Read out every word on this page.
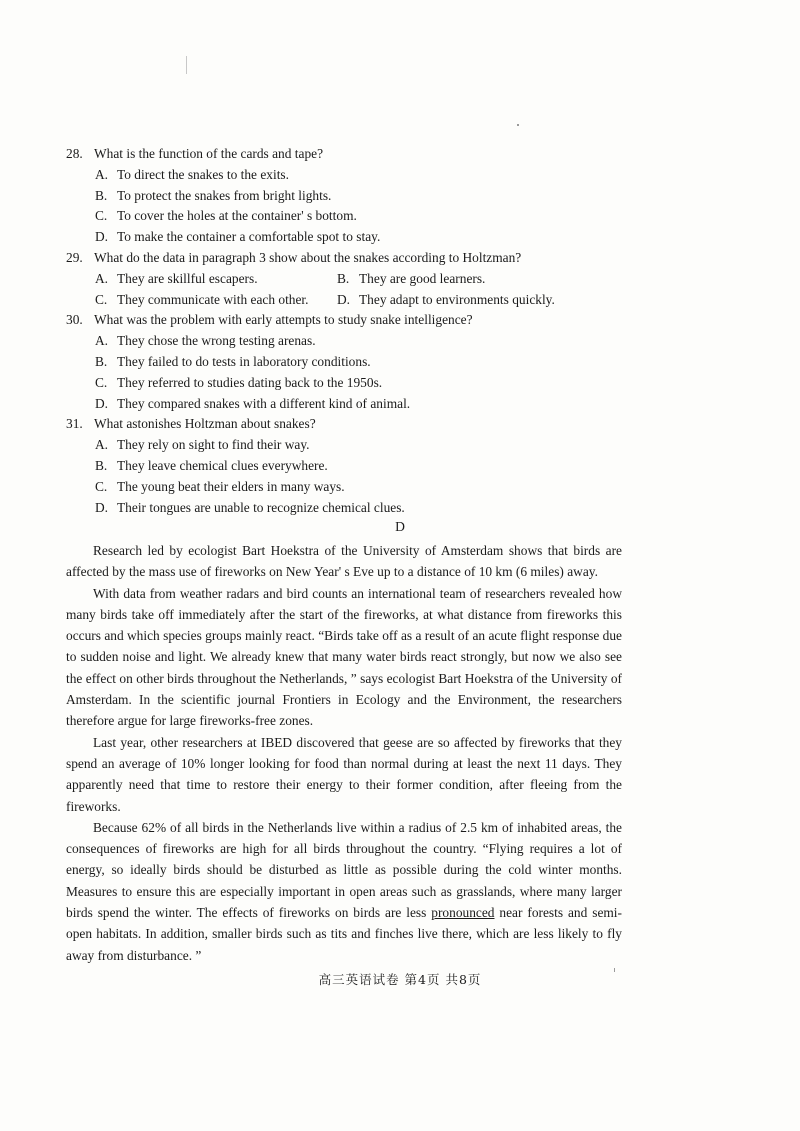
28. What is the function of the cards and tape?
A. To direct the snakes to the exits.
B. To protect the snakes from bright lights.
C. To cover the holes at the container' s bottom.
D. To make the container a comfortable spot to stay.
29. What do the data in paragraph 3 show about the snakes according to Holtzman?
A. They are skillful escapers.	B. They are good learners.
C. They communicate with each other. D. They adapt to environments quickly.
30. What was the problem with early attempts to study snake intelligence?
A. They chose the wrong testing arenas.
B. They failed to do tests in laboratory conditions.
C. They referred to studies dating back to the 1950s.
D. They compared snakes with a different kind of animal.
31. What astonishes Holtzman about snakes?
A. They rely on sight to find their way.
B. They leave chemical clues everywhere.
C. The young beat their elders in many ways.
D. Their tongues are unable to recognize chemical clues.
D

Research led by ecologist Bart Hoekstra of the University of Amsterdam shows that birds are affected by the mass use of fireworks on New Year' s Eve up to a distance of 10 km (6 miles) away.

With data from weather radars and bird counts an international team of researchers revealed how many birds take off immediately after the start of the fireworks, at what distance from fireworks this occurs and which species groups mainly react. “Birds take off as a result of an acute flight response due to sudden noise and light. We already knew that many water birds react strongly, but now we also see the effect on other birds throughout the Netherlands, ” says ecologist Bart Hoekstra of the University of Amsterdam. In the scientific journal Frontiers in Ecology and the Environment, the researchers therefore argue for large fireworks-free zones.

Last year, other researchers at IBED discovered that geese are so affected by fireworks that they spend an average of 10% longer looking for food than normal during at least the next 11 days. They apparently need that time to restore their energy to their former condition, after fleeing from the fireworks.

Because 62% of all birds in the Netherlands live within a radius of 2.5 km of inhabited areas, the consequences of fireworks are high for all birds throughout the country. “Flying requires a lot of energy, so ideally birds should be disturbed as little as possible during the cold winter months. Measures to ensure this are especially important in open areas such as grasslands, where many larger birds spend the winter. The effects of fireworks on birds are less pronounced near forests and semi-open habitats. In addition, smaller birds such as tits and finches live there, which are less likely to fly away from disturbance. ”

高三英语试卷 第4页 共8页
